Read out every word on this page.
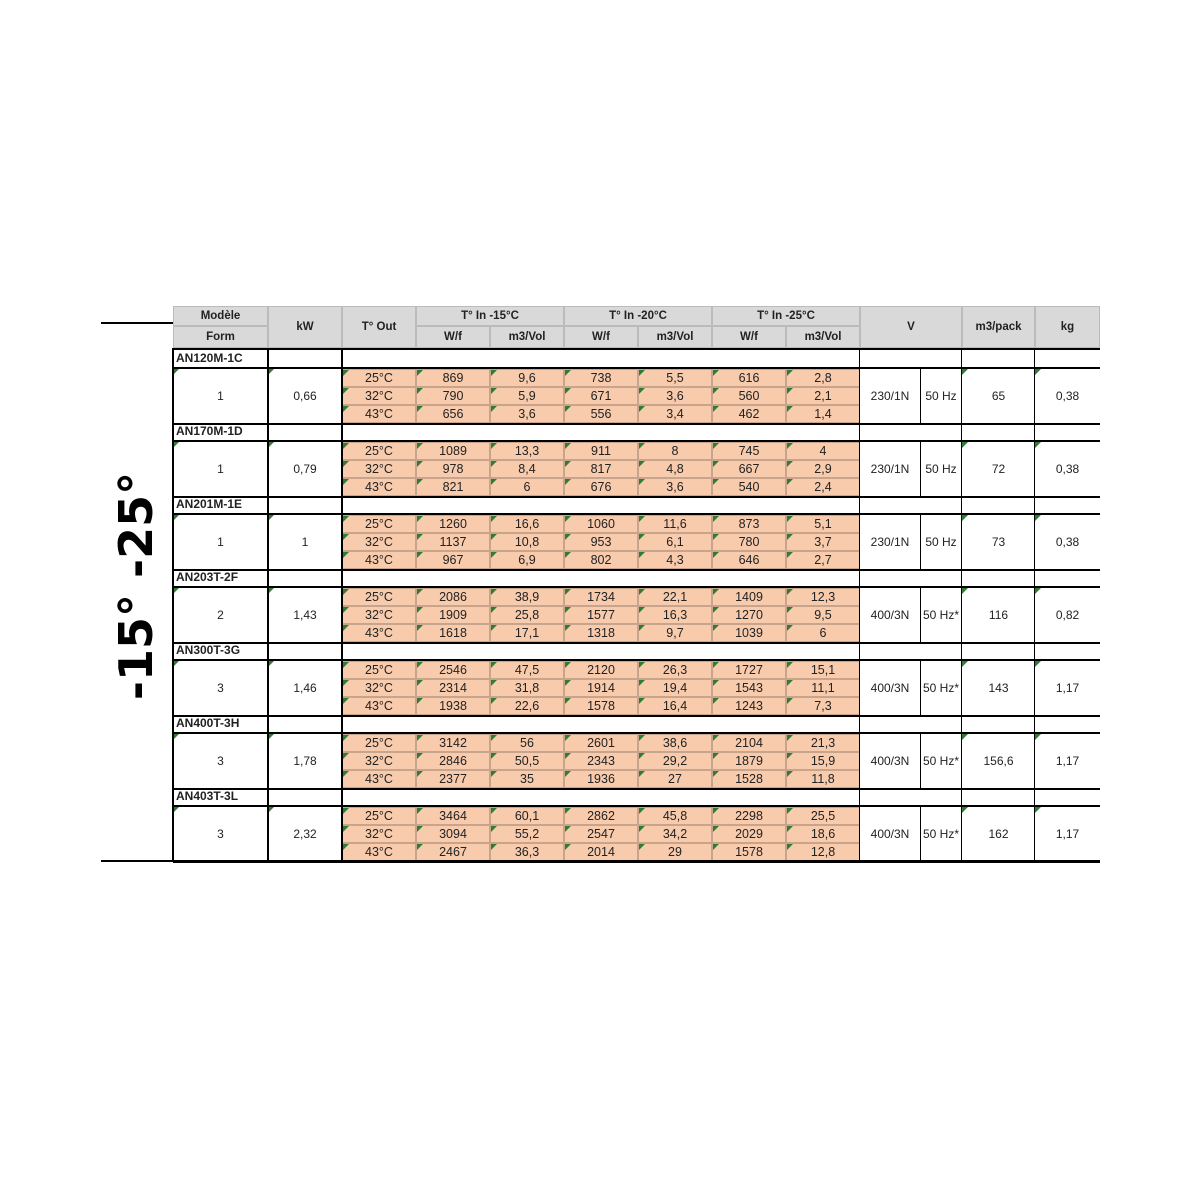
-15° -25°
Modèle
Form
kW	T° Out
T° In -15°C	T° In -20°C	T° In -25°C
W/f	m3/Vol	W/f	m3/Vol	W/f	m3/Vol
V	m3/pack	kg
AN120M-1C
1	0,66
25°C	869	9,6	738	5,5	616	2,8
32°C	790	5,9	671	3,6	560	2,1
43°C	656	3,6	556	3,4	462	1,4
230/1N	50 Hz	65	0,38
AN170M-1D
1	0,79
25°C	1089	13,3	911	8	745	4
32°C	978	8,4	817	4,8	667	2,9
43°C	821	6	676	3,6	540	2,4
230/1N	50 Hz	72	0,38
AN201M-1E
1	1
25°C	1260	16,6	1060	11,6	873	5,1
32°C	1137	10,8	953	6,1	780	3,7
43°C	967	6,9	802	4,3	646	2,7
230/1N	50 Hz	73	0,38
AN203T-2F
2	1,43
25°C	2086	38,9	1734	22,1	1409	12,3
32°C	1909	25,8	1577	16,3	1270	9,5
43°C	1618	17,1	1318	9,7	1039	6
400/3N	50 Hz*	116	0,82
AN300T-3G
3	1,46
25°C	2546	47,5	2120	26,3	1727	15,1
32°C	2314	31,8	1914	19,4	1543	11,1
43°C	1938	22,6	1578	16,4	1243	7,3
400/3N	50 Hz*	143	1,17
AN400T-3H
3	1,78
25°C	3142	56	2601	38,6	2104	21,3
32°C	2846	50,5	2343	29,2	1879	15,9
43°C	2377	35	1936	27	1528	11,8
400/3N	50 Hz*	156,6	1,17
AN403T-3L
3	2,32
25°C	3464	60,1	2862	45,8	2298	25,5
32°C	3094	55,2	2547	34,2	2029	18,6
43°C	2467	36,3	2014	29	1578	12,8
400/3N	50 Hz*	162	1,17
